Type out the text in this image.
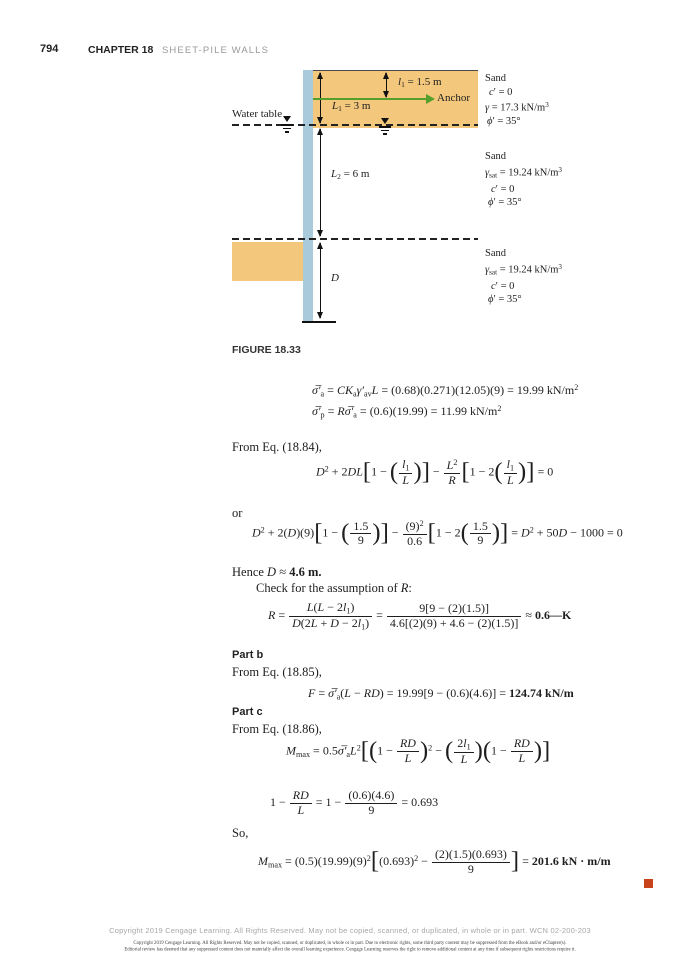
794	CHAPTER 18 SHEET-PILE WALLS
Water table
$l_1 = 1.5$ m
$L_1 = 3$ m
Anchor
$L_2 = 6$ m
D
Sand
c′ = 0
γ = 17.3 $kN/m^3$
ϕ′ = 35°
Sand
$\gamma_{sat} = 19.24$ $kN/m^3$
c′ = 0
ϕ′ = 35°
Sand
$\gamma_{sat} = 19.24$ $kN/m^3$
c′ = 0
ϕ′ = 35°
FIGURE 18.33
$\sigma̅'_a = CK_a\gamma'_{av}L = (0.68)(0.271)(12.05)(9) = 19.99$ $kN/m^2$
$\sigma̅'_p$ = $R\sigma̅'_a = (0.6)(19.99) = 11.99$ $kN/m^2$
From Eq. (18.84),
$D^2 + 2DL[1$ − ( $\frac{l_1}{L}$ )] − $\frac{L^2}{R} [1 - 2( \frac{l_1}{L}$ )] = 0
or
$D^2 + 2(D)(9)[1$ − ( $\frac{1.5}{9}$ )] − $\frac{(9)^2}{0.6} [1 - 2( \frac{1.5}{9}$ )] = $D^2 + 50D - 1000 = 0$
Hence D ≈ 4.6 m.
Check for the assumption of R:
$R = \frac{L(L - 2l_1)}{D(2L + D - 2l_1)} = \frac{9[9 - (2)(1.5)]}{4.6[(2)(9) + 4.6 - (2)(1.5)]}$ ≈ 0.6—K
Part b
From Eq. (18.85),
$F = \sigma̅'_a(L - RD) = 19.99[9 - (0.6)(4.6)] = 124.74$ kN/m
Part c
From Eq. (18.86),
$M_{max}$ = $0.5\sigma̅'_aL^2[(1 - \frac{RD}{L} )^2$ − ( $\frac{2l_1}{L} )(1 - \frac{RD}{L}$ )]
$1 - \frac{RD}{L} = 1 - \frac{(0.6)(4.6)}{9} = 0.693$
So,
$M_{max} = (0.5)(19.99)(9)^2[(0.693)^2 - \frac{(2)(1.5)(0.693)}{9}$ ] = 201.6 kN · m/m
Copyright 2019 Cengage Learning. All Rights Reserved. May not be copied, scanned, or duplicated, in whole or in part. WCN 02-200-203
Copyright 2019 Cengage Learning. All Rights Reserved. May not be copied, scanned, or duplicated, in whole or in part. Due to electronic rights, some third party content may be suppressed from the eBook and/or eChapter(s).
Editorial review has deemed that any suppressed content does not materially affect the overall learning experience. Cengage Learning reserves the right to remove additional content at any time if subsequent rights restrictions require it.
